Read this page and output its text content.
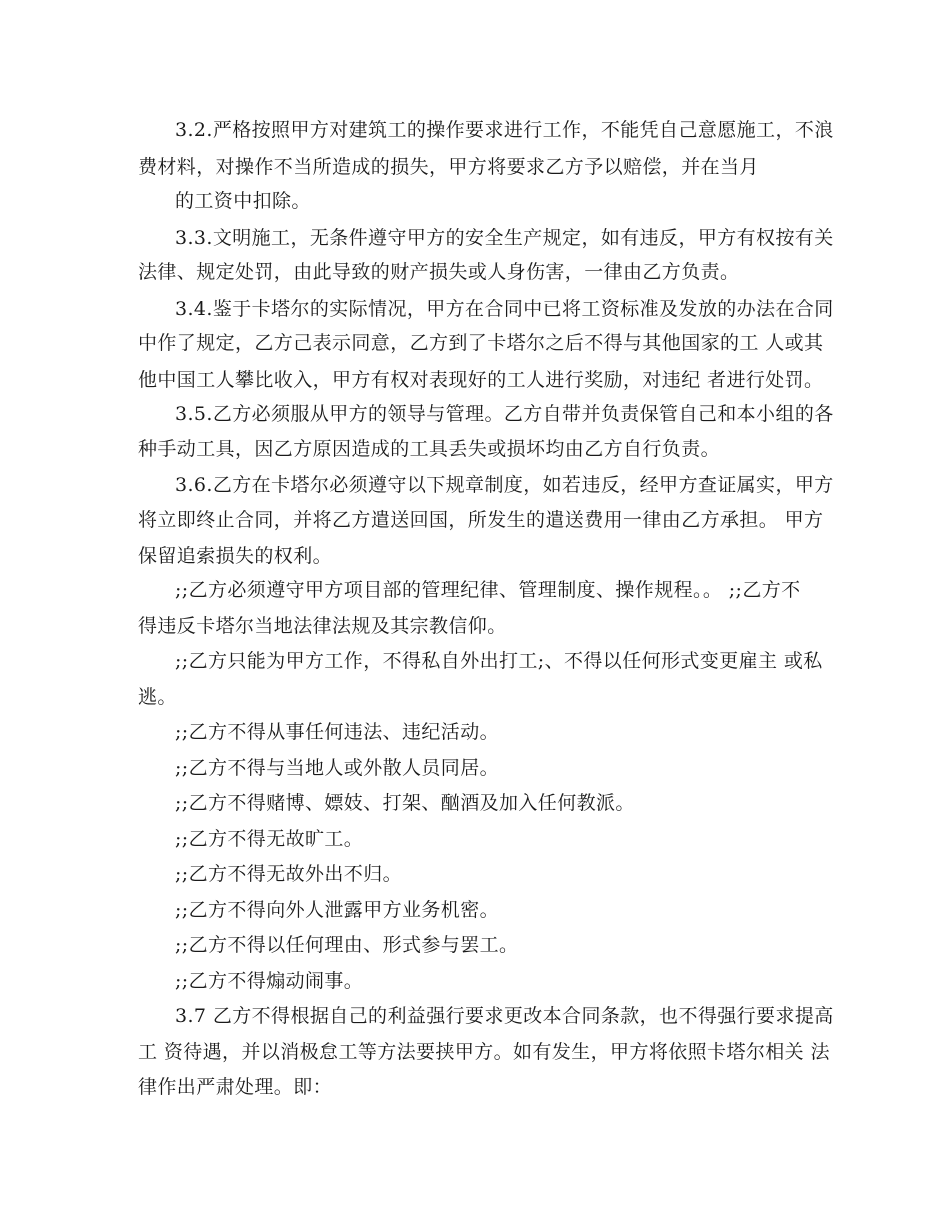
3.2.严格按照甲方对建筑工的操作要求进行工作，不能凭自己意愿施工，不浪
费材料，对操作不当所造成的损失，甲方将要求乙方予以赔偿，并在当月
的工资中扣除。
3.3.文明施工，无条件遵守甲方的安全生产规定，如有违反，甲方有权按有关
法律、规定处罚，由此导致的财产损失或人身伤害，一律由乙方负责。
3.4.鉴于卡塔尔的实际情况，甲方在合同中已将工资标准及发放的办法在合同
中作了规定，乙方己表示同意，乙方到了卡塔尔之后不得与其他国家的工 人或其
他中国工人攀比收入，甲方有权对表现好的工人进行奖励，对违纪 者进行处罚。
3.5.乙方必须服从甲方的领导与管理。乙方自带并负责保管自己和本小组的各
种手动工具，因乙方原因造成的工具丢失或损坏均由乙方自行负责。
3.6.乙方在卡塔尔必须遵守以下规章制度，如若违反，经甲方查证属实，甲方
将立即终止合同，并将乙方遣送回国，所发生的遣送费用一律由乙方承担。 甲方
保留追索损失的权利。
;;乙方必须遵守甲方项目部的管理纪律、管理制度、操作规程。。 ;;乙方不
得违反卡塔尔当地法律法规及其宗教信仰。
;;乙方只能为甲方工作，不得私自外出打工;、不得以任何形式变更雇主 或私
逃。
;;乙方不得从事任何违法、违纪活动。
;;乙方不得与当地人或外散人员同居。
;;乙方不得赌博、嫖妓、打架、酗酒及加入任何教派。
;;乙方不得无故旷工。
;;乙方不得无故外出不归。
;;乙方不得向外人泄露甲方业务机密。
;;乙方不得以任何理由、形式参与罢工。
;;乙方不得煽动闹事。
3.7 乙方不得根据自己的利益强行要求更改本合同条款，也不得强行要求提高
工 资待遇，并以消极怠工等方法要挟甲方。如有发生，甲方将依照卡塔尔相关 法
律作出严肃处理。即：
